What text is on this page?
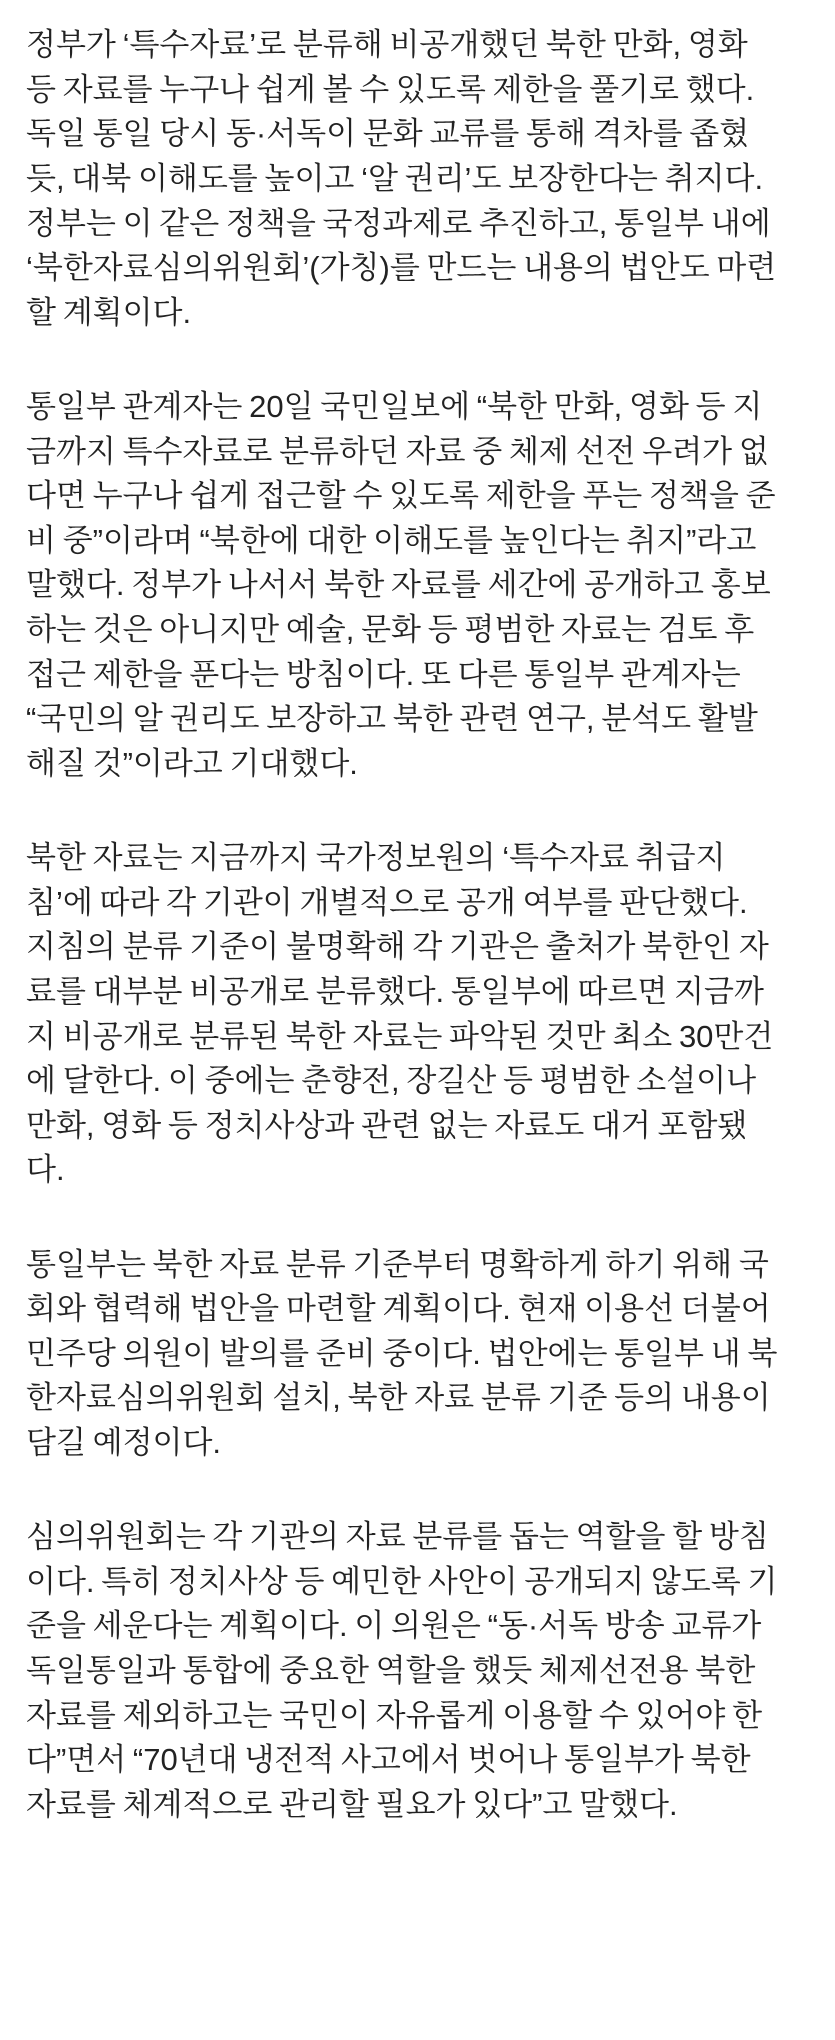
정부가 ‘특수자료’로 분류해 비공개했던 북한 만화, 영화
등 자료를 누구나 쉽게 볼 수 있도록 제한을 풀기로 했다.
독일 통일 당시 동·서독이 문화 교류를 통해 격차를 좁혔
듯, 대북 이해도를 높이고 ‘알 권리’도 보장한다는 취지다.
정부는 이 같은 정책을 국정과제로 추진하고, 통일부 내에
‘북한자료심의위원회’(가칭)를 만드는 내용의 법안도 마련
할 계획이다.

통일부 관계자는 20일 국민일보에 “북한 만화, 영화 등 지
금까지 특수자료로 분류하던 자료 중 체제 선전 우려가 없
다면 누구나 쉽게 접근할 수 있도록 제한을 푸는 정책을 준
비 중”이라며 “북한에 대한 이해도를 높인다는 취지”라고
말했다. 정부가 나서서 북한 자료를 세간에 공개하고 홍보
하는 것은 아니지만 예술, 문화 등 평범한 자료는 검토 후
접근 제한을 푼다는 방침이다. 또 다른 통일부 관계자는
“국민의 알 권리도 보장하고 북한 관련 연구, 분석도 활발
해질 것”이라고 기대했다.

북한 자료는 지금까지 국가정보원의 ‘특수자료 취급지
침’에 따라 각 기관이 개별적으로 공개 여부를 판단했다.
지침의 분류 기준이 불명확해 각 기관은 출처가 북한인 자
료를 대부분 비공개로 분류했다. 통일부에 따르면 지금까
지 비공개로 분류된 북한 자료는 파악된 것만 최소 30만건
에 달한다. 이 중에는 춘향전, 장길산 등 평범한 소설이나
만화, 영화 등 정치사상과 관련 없는 자료도 대거 포함됐
다.

통일부는 북한 자료 분류 기준부터 명확하게 하기 위해 국
회와 협력해 법안을 마련할 계획이다. 현재 이용선 더불어
민주당 의원이 발의를 준비 중이다. 법안에는 통일부 내 북
한자료심의위원회 설치, 북한 자료 분류 기준 등의 내용이
담길 예정이다.

심의위원회는 각 기관의 자료 분류를 돕는 역할을 할 방침
이다. 특히 정치사상 등 예민한 사안이 공개되지 않도록 기
준을 세운다는 계획이다. 이 의원은 “동·서독 방송 교류가
독일통일과 통합에 중요한 역할을 했듯 체제선전용 북한
자료를 제외하고는 국민이 자유롭게 이용할 수 있어야 한
다”면서 “70년대 냉전적 사고에서 벗어나 통일부가 북한
자료를 체계적으로 관리할 필요가 있다”고 말했다.
